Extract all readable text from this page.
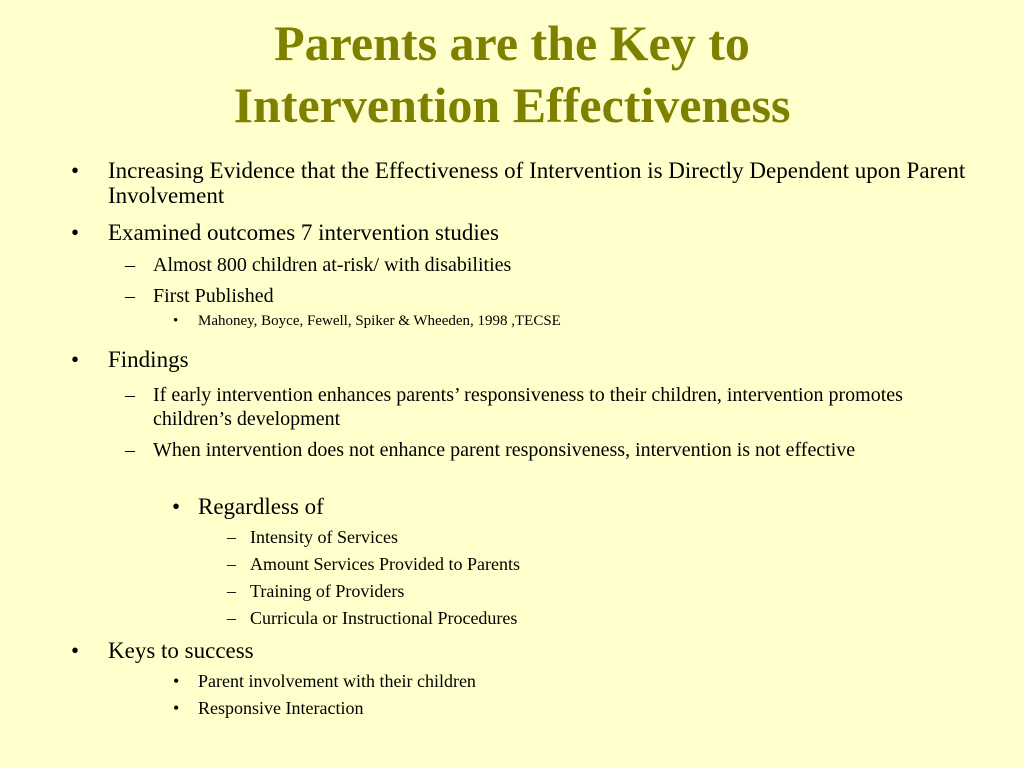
Parents are the Key to
Intervention Effectiveness
• Increasing Evidence that the Effectiveness of Intervention is Directly Dependent upon Parent Involvement
• Examined outcomes 7 intervention studies
– Almost 800 children at-risk/ with disabilities
– First Published
• Mahoney, Boyce, Fewell, Spiker & Wheeden, 1998 ,TECSE
• Findings
– If early intervention enhances parents’ responsiveness to their children, intervention promotes children’s development
– When intervention does not enhance parent responsiveness, intervention is not effective
• Regardless of
– Intensity of Services
– Amount Services Provided to Parents
– Training of Providers
– Curricula or Instructional Procedures
• Keys to success
• Parent involvement with their children
• Responsive Interaction
